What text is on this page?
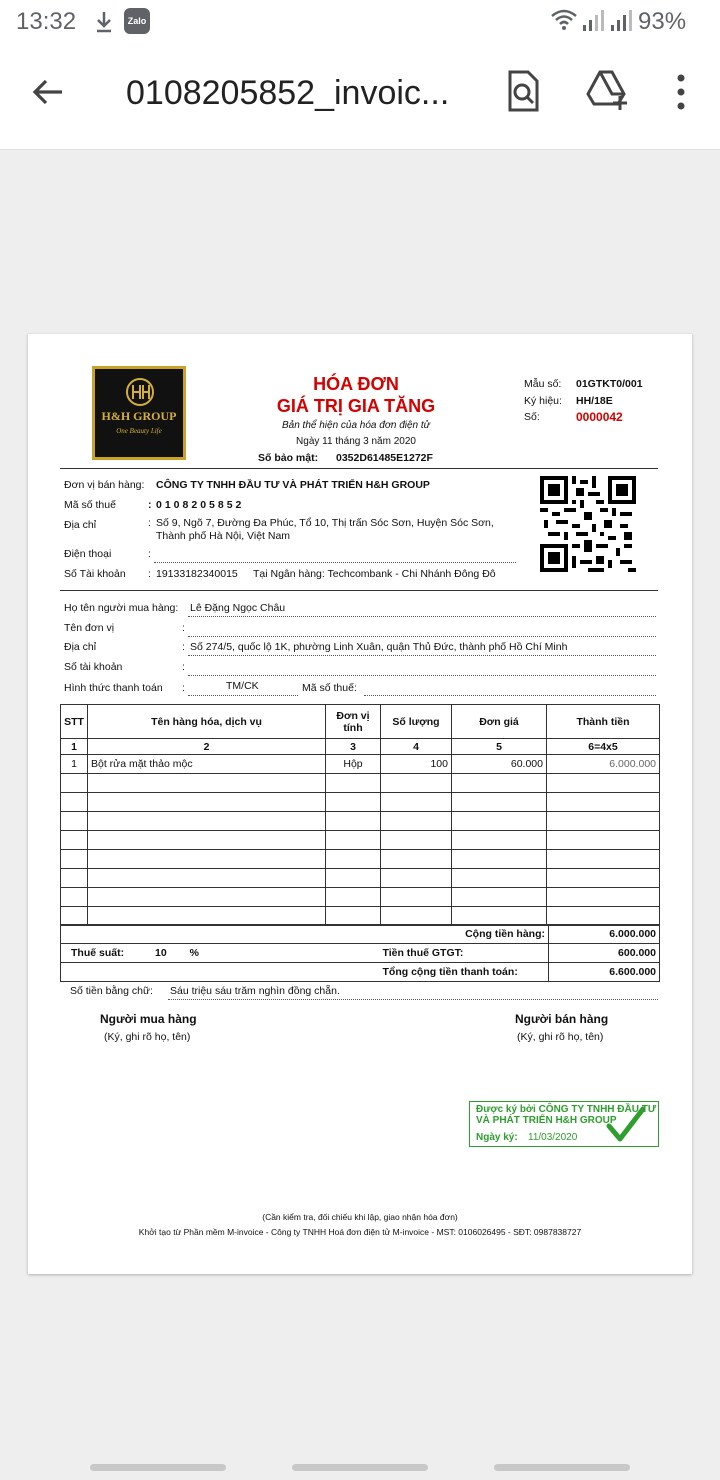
13:32	Zalo	93%
0108205852_invoic...
H&H GROUP
One Beauty Life
HÓA ĐƠN
GIÁ TRỊ GIA TĂNG
Bản thể hiện của hóa đơn điện tử
Ngày 11 tháng 3 năm 2020
Số bảo mật: 0352D61485E1272F
Mẫu số: 01GTKT0/001
Ký hiệu: HH/18E
Số:	0000042
Đơn vị bán hàng: CÔNG TY TNHH ĐẦU TƯ VÀ PHÁT TRIỂN H&H GROUP
Mã số thuế	: 0108205852
Địa chỉ	: Số 9, Ngõ 7, Đường Đa Phúc, Tổ 10, Thị trấn Sóc Sơn, Huyện Sóc Sơn,
Thành phố Hà Nội, Việt Nam
Điện thoại	:
Số Tài khoản : 19133182340015 Tại Ngân hàng: Techcombank - Chi Nhánh Đông Đô
Họ tên người mua hàng: Lê Đặng Ngọc Châu
Tên đơn vị	:
Địa chỉ	: Số 274/5, quốc lộ 1K, phường Linh Xuân, quận Thủ Đức, thành phố Hồ Chí Minh
Số tài khoản	:
Hình thức thanh toán :	TM/CK	Mã số thuế:
STT	Tên hàng hóa, dịch vụ	Đơn vị tính	Số lượng	Đơn giá	Thành tiền
1	2	3	4	5	6=4x5
1	Bột rửa mặt thảo mộc	Hộp	100	60.000	6.000.000

	Cộng tiền hàng:	6.000.000
Thuế suất: 10 %	Tiền thuế GTGT:	600.000
	Tổng cộng tiền thanh toán:	6.600.000
Số tiền bằng chữ: Sáu triệu sáu trăm nghìn đồng chẵn.
Người mua hàng
(Ký, ghi rõ họ, tên)
Người bán hàng
(Ký, ghi rõ họ, tên)
Được ký bởi CÔNG TY TNHH ĐẦU TƯ
VÀ PHÁT TRIỂN H&H GROUP
Ngày ký: 11/03/2020
(Cần kiểm tra, đối chiếu khi lập, giao nhận hóa đơn)
Khởi tạo từ Phần mềm M-invoice - Công ty TNHH Hoá đơn điện tử M-invoice - MST: 0106026495 - SĐT: 0987838727
